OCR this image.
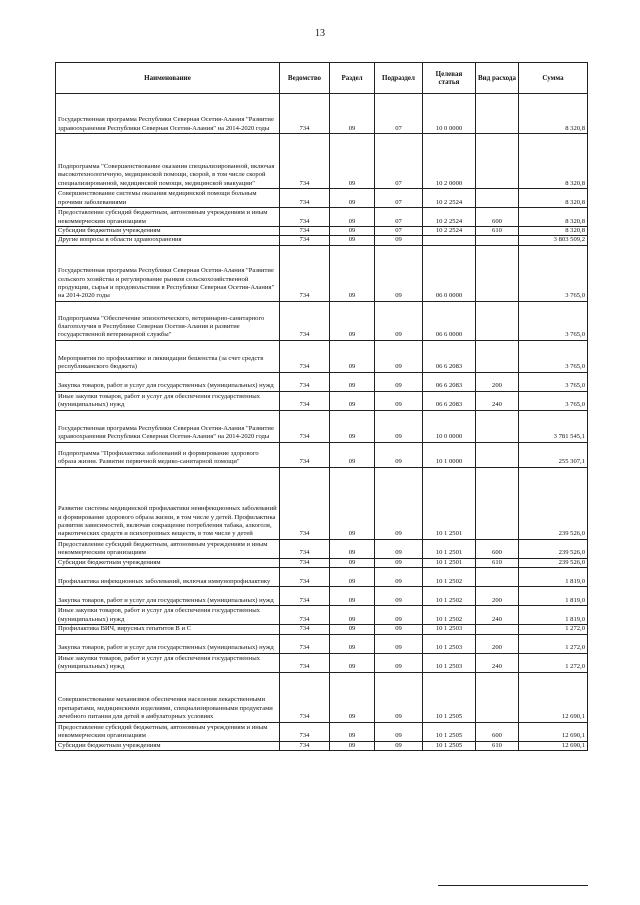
13
Наименование	Ведомство	Раздел	Подраздел	Целевая статья	Вид расхода	Сумма
Государственная программа Республики Северная Осетия-Алания "Развитие здравоохранения Республики Северная Осетия-Алания" на 2014-2020 годы	734	09	07	10 0 0000		8 320,8
Подпрограмма "Совершенствование оказания специализированной, включая высокотехнологичную, медицинской помощи, скорой, в том числе скорой специализированной, медицинской помощи, медицинской эвакуации"	734	09	07	10 2 0000		8 320,8
Совершенствование системы оказания медицинской помощи больным прочими заболеваниями	734	09	07	10 2 2524		8 320,8
Предоставление субсидий бюджетным, автономным учреждениям и иным некоммерческим организациям	734	09	07	10 2 2524	600	8 320,8
Субсидии бюджетным учреждениям	734	09	07	10 2 2524	610	8 320,8
Другие вопросы в области здравоохранения	734	09	09			3 803 509,2
Государственная программа Республики Северная Осетия-Алания "Развитие сельского хозяйства и регулирование рынков сельскохозяйственной продукции, сырья и продовольствия в Республике Северная Осетия-Алания" на 2014-2020 годы	734	09	09	06 0 0000		3 765,0
Подпрограмма "Обеспечение эпизоотического, ветеринарно-санитарного благополучия в Республике Северная Осетия-Алания и развитие государственной ветеринарной службы"	734	09	09	06 6 0000		3 765,0
Мероприятия по профилактике и ликвидации бешенства (за счет средств республиканского бюджета)	734	09	09	06 6 2083		3 765,0
Закупка товаров, работ и услуг для государственных (муниципальных) нужд	734	09	09	06 6 2083	200	3 765,0
Иные закупки товаров, работ и услуг для обеспечения государственных (муниципальных) нужд	734	09	09	06 6 2083	240	3 765,0
Государственная программа Республики Северная Осетия-Алания "Развитие здравоохранения Республики Северная Осетия-Алания" на 2014-2020 годы	734	09	09	10 0 0000		3 781 545,1
Подпрограмма "Профилактика заболеваний и формирование здорового образа жизни. Развитие первичной медико-санитарной помощи"	734	09	09	10 1 0000		255 307,1
Развитие системы медицинской профилактики неинфекционных заболеваний и формирование здорового образа жизни, в том числе у детей. Профилактика развития зависимостей, включая сокращение потребления табака, алкоголя, наркотических средств и психотропных веществ, в том числе у детей	734	09	09	10 1 2501		239 526,0
Предоставление субсидий бюджетным, автономным учреждениям и иным некоммерческим организациям	734	09	09	10 1 2501	600	239 526,0
Субсидии бюджетным учреждениям	734	09	09	10 1 2501	610	239 526,0
Профилактика инфекционных заболеваний, включая иммунопрофилактику	734	09	09	10 1 2502		1 819,0
Закупка товаров, работ и услуг для государственных (муниципальных) нужд	734	09	09	10 1 2502	200	1 819,0
Иные закупки товаров, работ и услуг для обеспечения государственных (муниципальных) нужд	734	09	09	10 1 2502	240	1 819,0
Профилактика ВИЧ, вирусных гепатитов В и С	734	09	09	10 1 2503		1 272,0
Закупка товаров, работ и услуг для государственных (муниципальных) нужд	734	09	09	10 1 2503	200	1 272,0
Иные закупки товаров, работ и услуг для обеспечения государственных (муниципальных) нужд	734	09	09	10 1 2503	240	1 272,0
Совершенствование механизмов обеспечения населения лекарственными препаратами, медицинскими изделиями, специализированными продуктами лечебного питания для детей в амбулаторных условиях	734	09	09	10 1 2505		12 690,1
Предоставление субсидий бюджетным, автономным учреждениям и иным некоммерческим организациям	734	09	09	10 1 2505	600	12 690,1
Субсидии бюджетным учреждениям	734	09	09	10 1 2505	610	12 690,1
